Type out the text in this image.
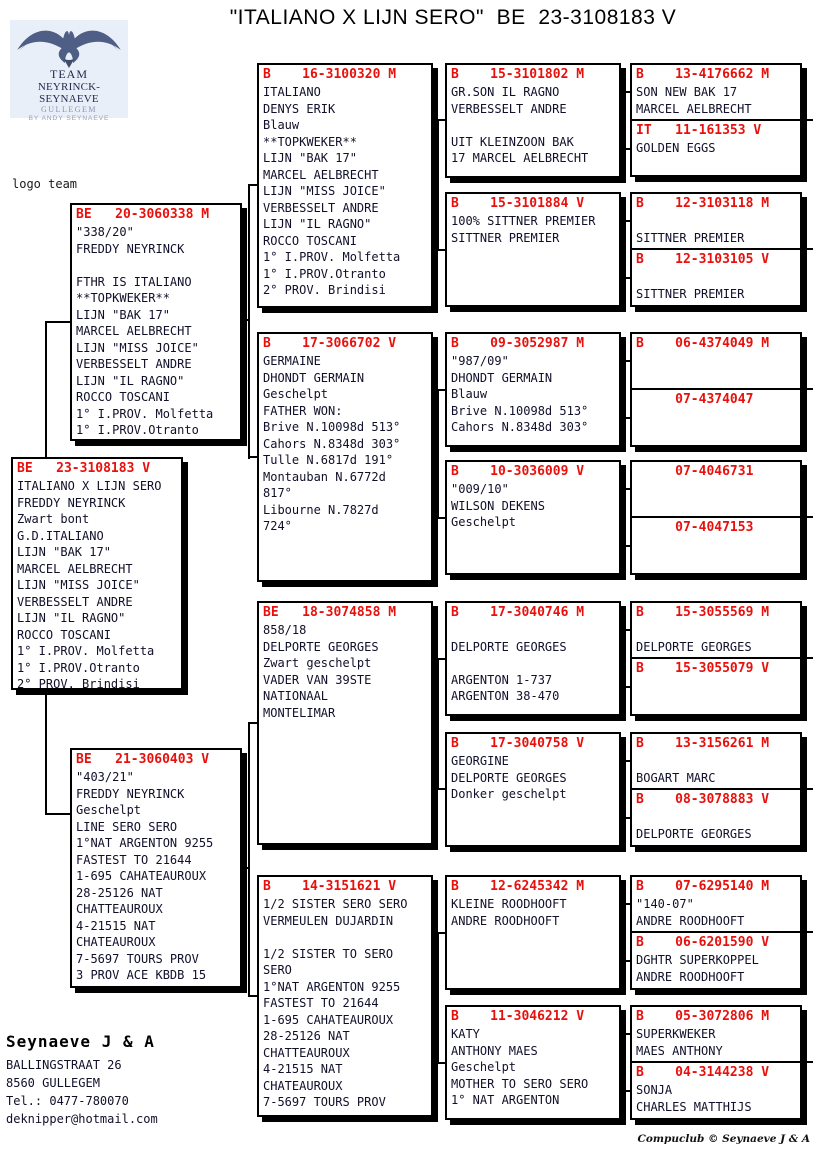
"ITALIANO X LIJN SERO"  BE  23-3108183 V
TEAM
NEYRINCK-SEYNAEVE
GULLEGEM
BY ANDY SEYNAEVE
logo team
BE   20-3060338 M
"338/20"
FREDDY NEYRINCK
FTHR IS ITALIANO
**TOPKWEKER**
LIJN "BAK 17"
MARCEL AELBRECHT
LIJN "MISS JOICE"
VERBESSELT ANDRE
LIJN "IL RAGNO"
ROCCO TOSCANI
1° I.PROV. Molfetta
1° I.PROV.Otranto
BE   23-3108183 V
ITALIANO X LIJN SERO
FREDDY NEYRINCK
Zwart bont
G.D.ITALIANO
LIJN "BAK 17"
MARCEL AELBRECHT
LIJN "MISS JOICE"
VERBESSELT ANDRE
LIJN "IL RAGNO"
ROCCO TOSCANI
1° I.PROV. Molfetta
1° I.PROV.Otranto
2° PROV. Brindisi
BE   21-3060403 V
"403/21"
FREDDY NEYRINCK
Geschelpt
LINE SERO SERO
1°NAT ARGENTON 9255
FASTEST TO 21644
1-695 CAHATEAUROUX
28-25126 NAT
CHATTEAUROUX
4-21515 NAT
CHATEAUROUX
7-5697 TOURS PROV
3 PROV ACE KBDB 15
B    16-3100320 M
ITALIANO
DENYS ERIK
Blauw
**TOPKWEKER**
LIJN "BAK 17"
MARCEL AELBRECHT
LIJN "MISS JOICE"
VERBESSELT ANDRE
LIJN "IL RAGNO"
ROCCO TOSCANI
1° I.PROV. Molfetta
1° I.PROV.Otranto
2° PROV. Brindisi
B    17-3066702 V
GERMAINE
DHONDT GERMAIN
Geschelpt
FATHER WON:
Brive N.10098d 513°
Cahors N.8348d 303°
Tulle N.6817d 191°
Montauban N.6772d
817°
Libourne N.7827d
724°
BE   18-3074858 M
858/18
DELPORTE GEORGES
Zwart geschelpt
VADER VAN 39STE
NATIONAAL
MONTELIMAR
B    14-3151621 V
1/2 SISTER SERO SERO
VERMEULEN DUJARDIN
1/2 SISTER TO SERO
SERO
1°NAT ARGENTON 9255
FASTEST TO 21644
1-695 CAHATEAUROUX
28-25126 NAT
CHATTEAUROUX
4-21515 NAT
CHATEAUROUX
7-5697 TOURS PROV
B    15-3101802 M
GR.SON IL RAGNO
VERBESSELT ANDRE
UIT KLEINZOON BAK
17 MARCEL AELBRECHT
B    15-3101884 V
100% SITTNER PREMIER
SITTNER PREMIER
B    09-3052987 M
"987/09"
DHONDT GERMAIN
Blauw
Brive N.10098d 513°
Cahors N.8348d 303°
B    10-3036009 V
"009/10"
WILSON DEKENS
Geschelpt
B    17-3040746 M
DELPORTE GEORGES
ARGENTON 1-737
ARGENTON 38-470
B    17-3040758 V
GEORGINE
DELPORTE GEORGES
Donker geschelpt
B    12-6245342 M
KLEINE ROODHOOFT
ANDRE ROODHOOFT
B    11-3046212 V
KATY
ANTHONY MAES
Geschelpt
MOTHER TO SERO SERO
1° NAT ARGENTON
B    13-4176662 M
SON NEW BAK 17
MARCEL AELBRECHT
IT   11-161353 V
GOLDEN EGGS
B    12-3103118 M
SITTNER PREMIER
B    12-3103105 V
SITTNER PREMIER
B    06-4374049 M
07-4374047
07-4046731
07-4047153
B    15-3055569 M
DELPORTE GEORGES
B    15-3055079 V
B    13-3156261 M
BOGART MARC
B    08-3078883 V
DELPORTE GEORGES
B    07-6295140 M
"140-07"
ANDRE ROODHOOFT
B    06-6201590 V
DGHTR SUPERKOPPEL
ANDRE ROODHOOFT
B    05-3072806 M
SUPERKWEKER
MAES ANTHONY
B    04-3144238 V
SONJA
CHARLES MATTHIJS
Seynaeve J & A
BALLINGSTRAAT 26
8560 GULLEGEM
Tel.: 0477-780070
deknipper@hotmail.com
Compuclub © Seynaeve J & A
